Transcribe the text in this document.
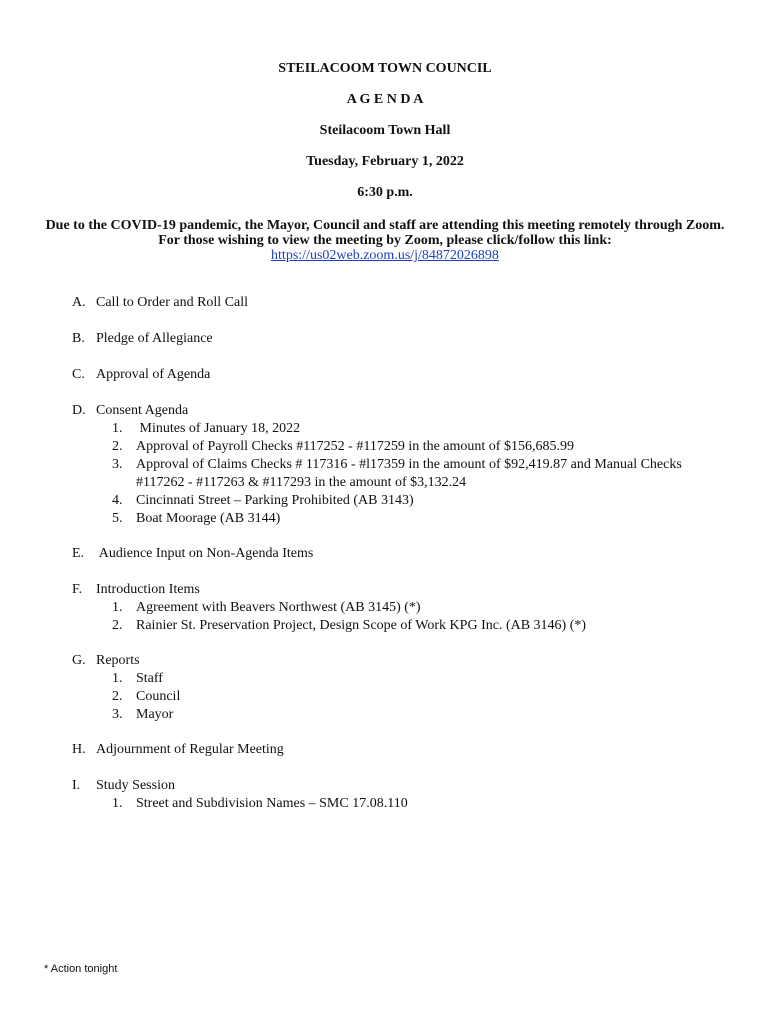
STEILACOOM TOWN COUNCIL
A G E N D A
Steilacoom Town Hall
Tuesday, February 1, 2022
6:30 p.m.
Due to the COVID-19 pandemic, the Mayor, Council and staff are attending this meeting remotely through Zoom. For those wishing to view the meeting by Zoom, please click/follow this link:
https://us02web.zoom.us/j/84872026898
A. Call to Order and Roll Call
B. Pledge of Allegiance
C. Approval of Agenda
D. Consent Agenda
1. Minutes of January 18, 2022
2. Approval of Payroll Checks #117252 - #117259 in the amount of $156,685.99
3. Approval of Claims Checks # 117316 - #l17359 in the amount of $92,419.87 and Manual Checks
#117262 - #117263 & #117293 in the amount of $3,132.24
4. Cincinnati Street – Parking Prohibited (AB 3143)
5. Boat Moorage (AB 3144)
E. Audience Input on Non-Agenda Items
F. Introduction Items
1. Agreement with Beavers Northwest (AB 3145) (*)
2. Rainier St. Preservation Project, Design Scope of Work KPG Inc. (AB 3146) (*)
G. Reports
1. Staff
2. Council
3. Mayor
H. Adjournment of Regular Meeting
I. Study Session
1. Street and Subdivision Names – SMC 17.08.110
* Action tonight
